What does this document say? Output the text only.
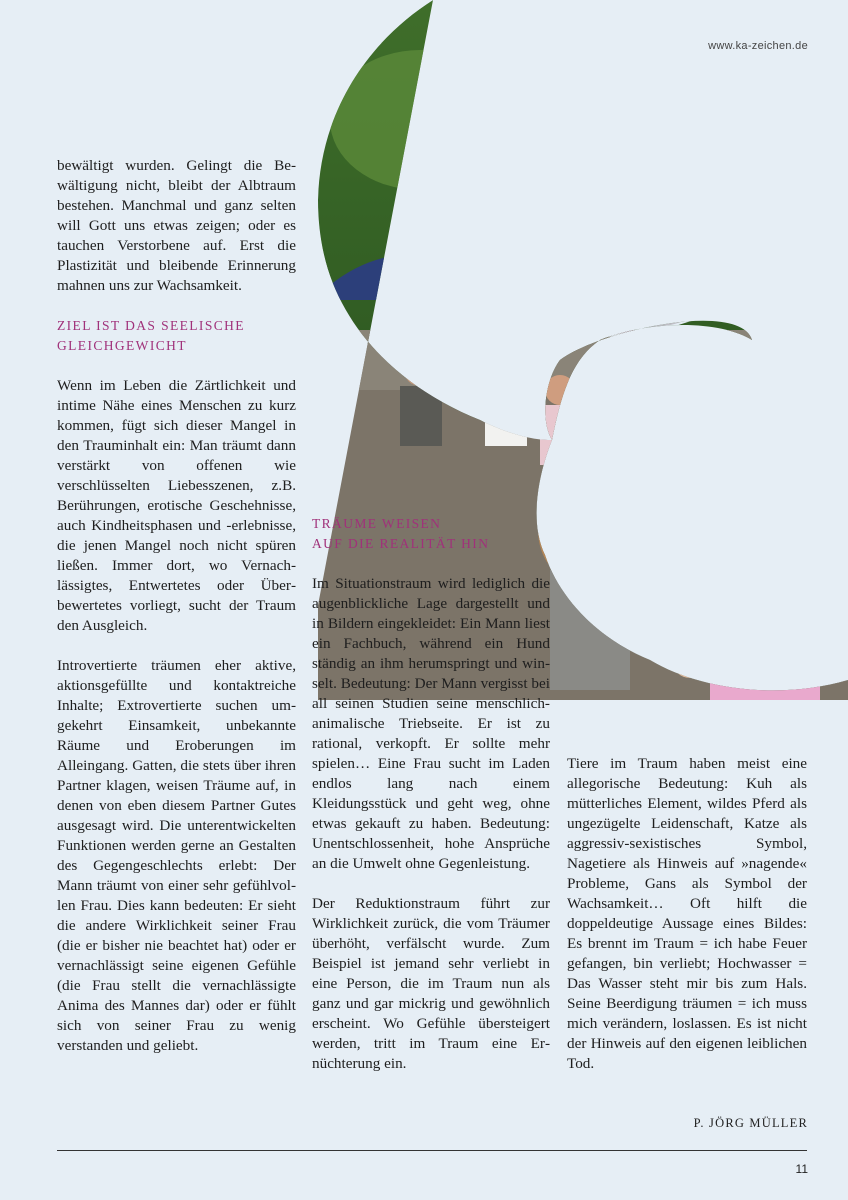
www.ka-zeichen.de

bewältigt wurden. Gelingt die Bewältigung nicht, bleibt der Albtraum bestehen. Manchmal und ganz selten will Gott uns etwas zeigen; oder es tauchen Verstorbene auf. Erst die Plastizität und bleibende Erinnerung mahnen uns zur Wachsamkeit.

ZIEL IST DAS SEELISCHE
GLEICHGEWICHT

Wenn im Leben die Zärtlichkeit und intime Nähe eines Menschen zu kurz kommen, fügt sich dieser Mangel in den Trauminhalt ein: Man träumt dann verstärkt von offenen wie verschlüsselten Liebesszenen, z.B. Berührungen, erotische Geschehnisse, auch Kindheitsphasen und -erlebnisse, die jenen Mangel noch nicht spüren ließen. Immer dort, wo Vernachlässigtes, Entwertetes oder Überbewertetes vorliegt, sucht der Traum den Ausgleich.

Introvertierte träumen eher aktive, aktionsgefüllte und kontaktreiche Inhalte; Extrovertierte suchen umgekehrt Einsamkeit, unbekannte Räume und Eroberungen im Alleingang. Gatten, die stets über ihren Partner klagen, weisen Träume auf, in denen von eben diesem Partner Gutes ausgesagt wird. Die unterentwickelten Funktionen werden gerne an Gestalten des Gegengeschlechts erlebt: Der Mann träumt von einer sehr gefühlvollen Frau. Dies kann bedeuten: Er sieht die andere Wirklichkeit seiner Frau (die er bisher nie beachtet hat) oder er vernachlässigt seine eigenen Gefühle (die Frau stellt die vernachlässigte Anima des Mannes dar) oder er fühlt sich von seiner Frau zu wenig verstanden und geliebt.

TRÄUME WEISEN
AUF DIE REALITÄT HIN

Im Situationstraum wird lediglich die augenblickliche Lage dargestellt und in Bildern eingekleidet: Ein Mann liest ein Fachbuch, während ein Hund ständig an ihm herumspringt und winselt. Bedeutung: Der Mann vergisst bei all seinen Studien seine menschlich-animalische Triebseite. Er ist zu rational, verkopft. Er sollte mehr spielen… Eine Frau sucht im Laden endlos lang nach einem Kleidungsstück und geht weg, ohne etwas gekauft zu haben. Bedeutung: Unentschlossenheit, hohe Ansprüche an die Umwelt ohne Gegenleistung.

Der Reduktionstraum führt zur Wirklichkeit zurück, die vom Träumer überhöht, verfälscht wurde. Zum Beispiel ist jemand sehr verliebt in eine Person, die im Traum nun als ganz und gar mickrig und gewöhnlich erscheint. Wo Gefühle übersteigert werden, tritt im Traum eine Ernüchterung ein.

Tiere im Traum haben meist eine allegorische Bedeutung: Kuh als mütterliches Element, wildes Pferd als ungezügelte Leidenschaft, Katze als aggressiv-sexistisches Symbol, Nagetiere als Hinweis auf »nagende« Probleme, Gans als Symbol der Wachsamkeit… Oft hilft die doppeldeutige Aussage eines Bildes: Es brennt im Traum = ich habe Feuer gefangen, bin verliebt; Hochwasser = Das Wasser steht mir bis zum Hals. Seine Beerdigung träumen = ich muss mich verändern, loslassen. Es ist nicht der Hinweis auf den eigenen leiblichen Tod.

P. JÖRG MÜLLER
11
